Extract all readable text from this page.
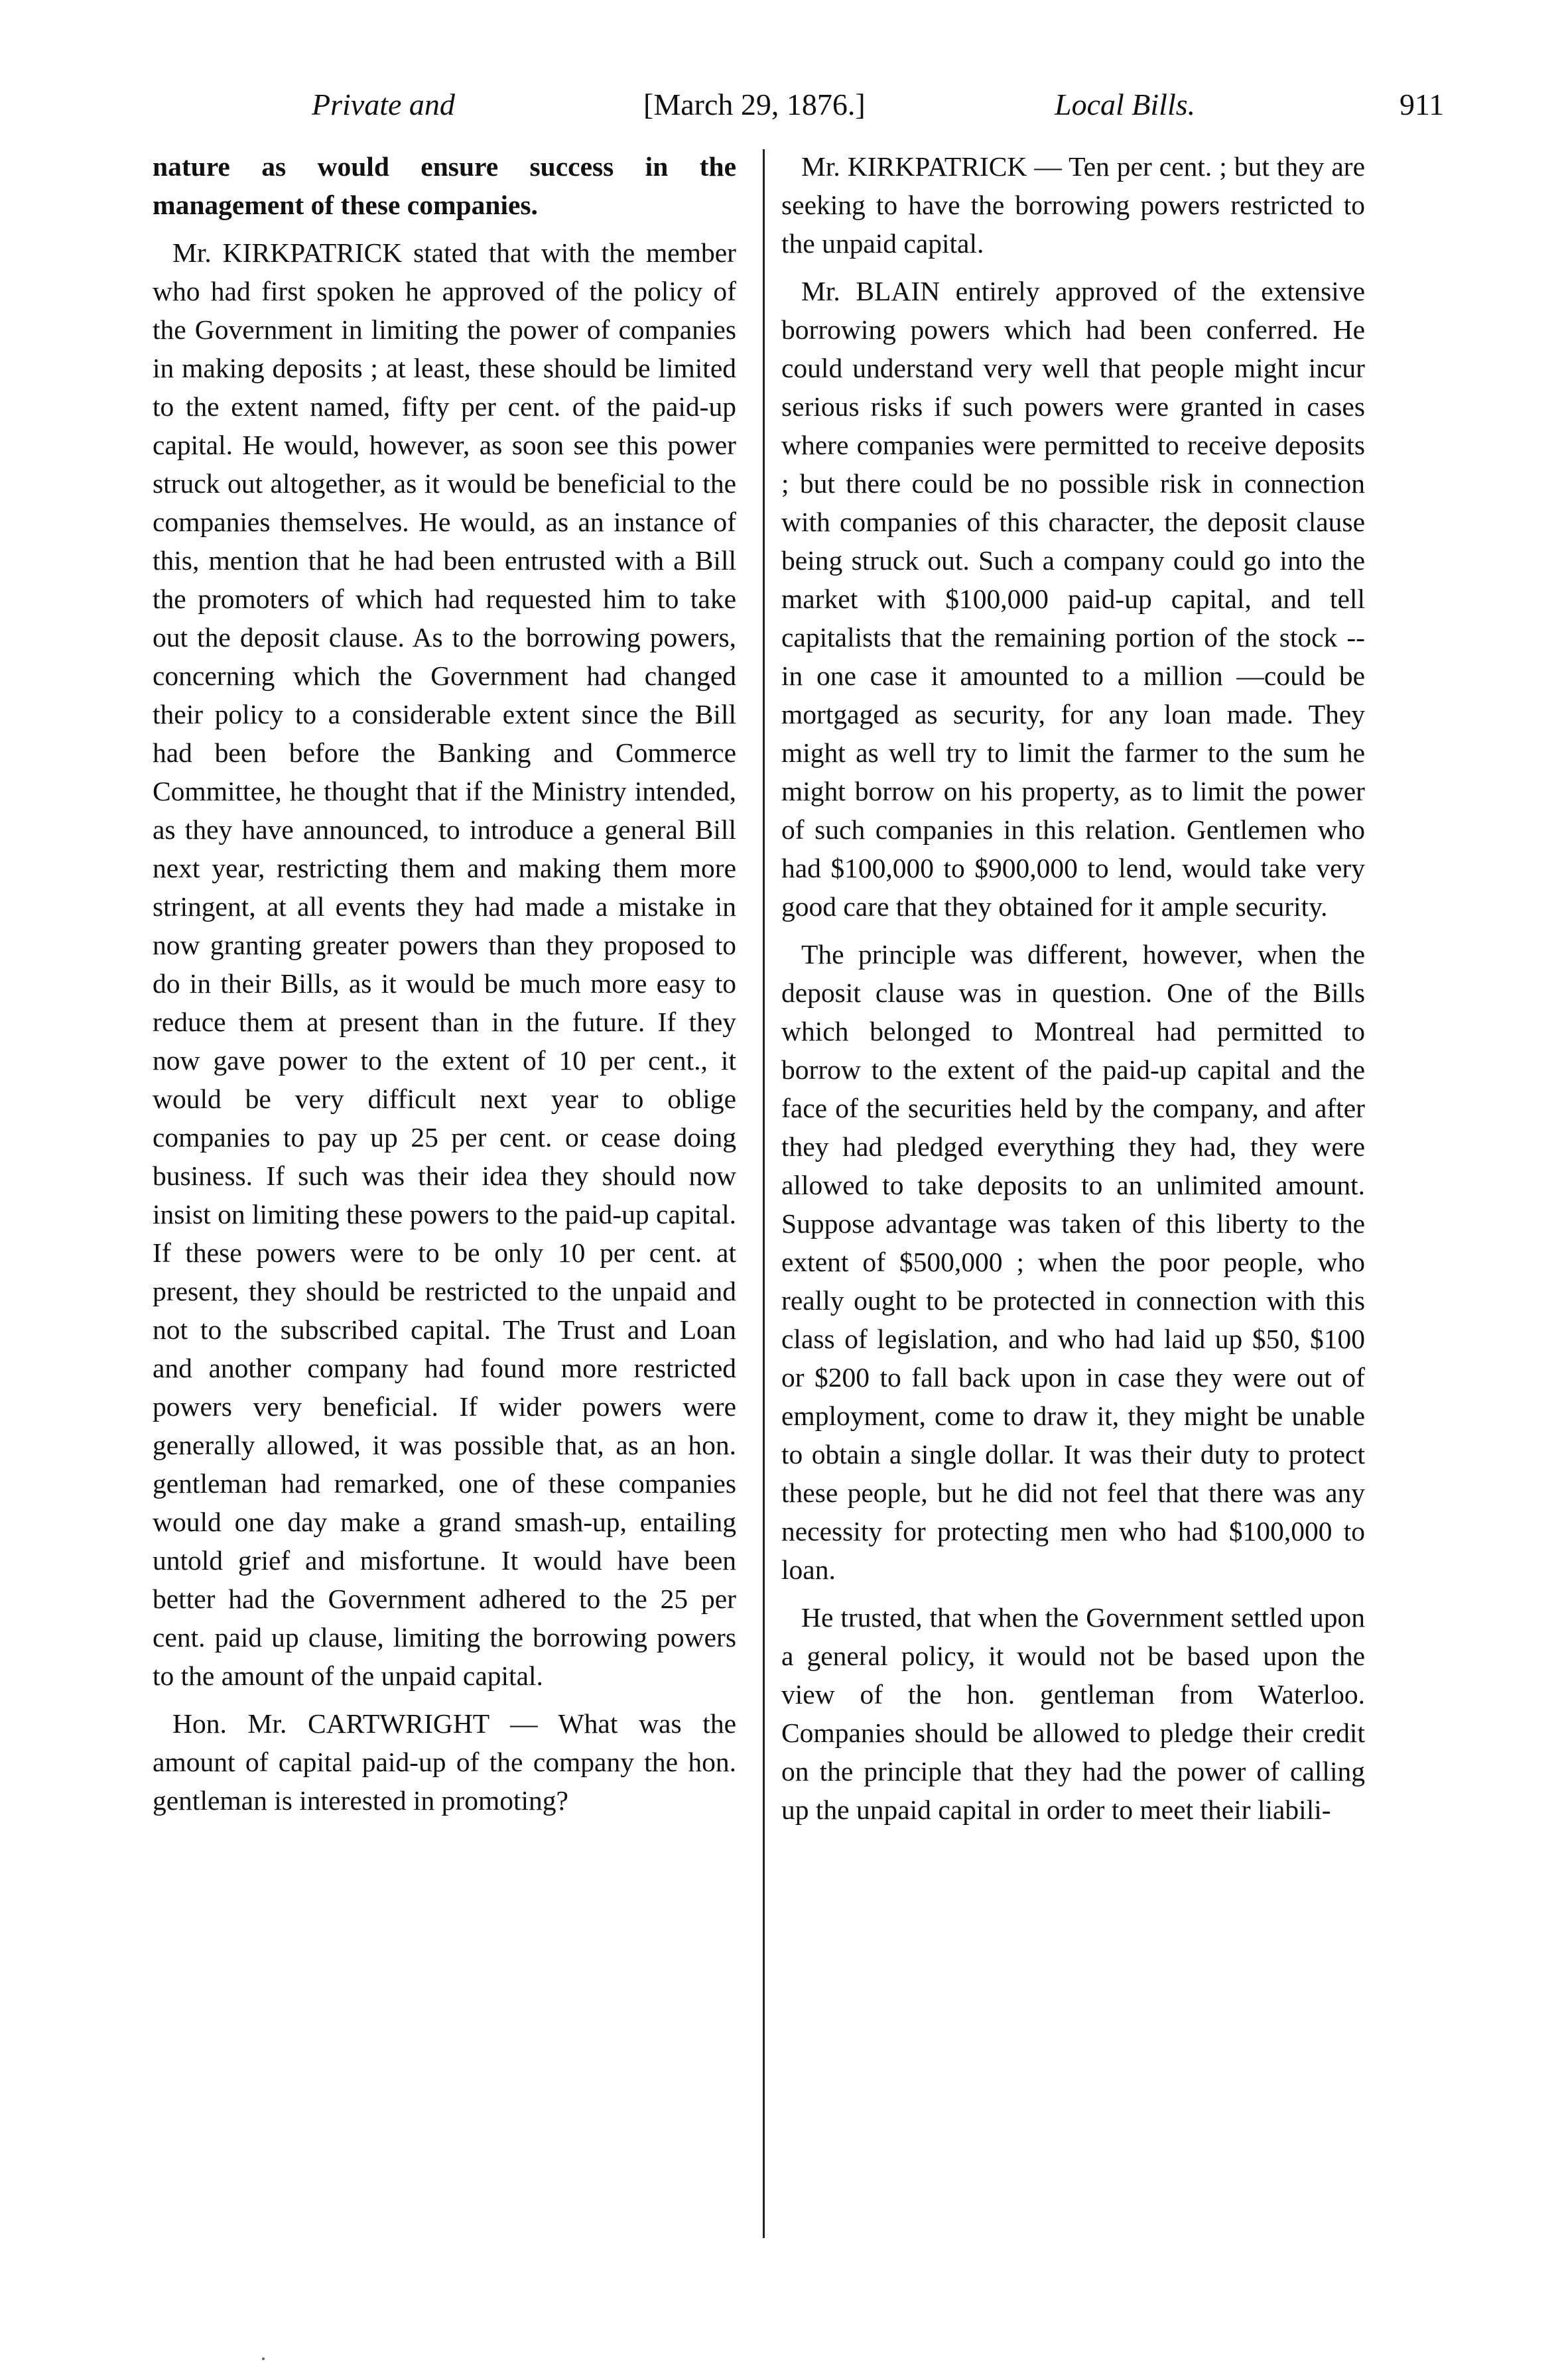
Private and	[March 29, 1876.]	Local Bills.	911

nature as would ensure success in the management of these companies.

Mr. KIRKPATRICK stated that with the member who had first spoken he approved of the policy of the Government in limiting the power of companies in making deposits ; at least, these should be limited to the extent named, fifty per cent. of the paid-up capital. He would, however, as soon see this power struck out altogether, as it would be beneficial to the companies themselves. He would, as an instance of this, mention that he had been entrusted with a Bill the promoters of which had requested him to take out the deposit clause. As to the borrowing powers, concerning which the Government had changed their policy to a considerable extent since the Bill had been before the Banking and Commerce Committee, he thought that if the Ministry intended, as they have announced, to introduce a general Bill next year, restricting them and making them more stringent, at all events they had made a mistake in now granting greater powers than they proposed to do in their Bills, as it would be much more easy to reduce them at present than in the future. If they now gave power to the extent of 10 per cent., it would be very difficult next year to oblige companies to pay up 25 per cent. or cease doing business. If such was their idea they should now insist on limiting these powers to the paid-up capital. If these powers were to be only 10 per cent. at present, they should be restricted to the unpaid and not to the subscribed capital. The Trust and Loan and another company had found more restricted powers very beneficial. If wider powers were generally allowed, it was possible that, as an hon. gentleman had remarked, one of these companies would one day make a grand smash-up, entailing untold grief and misfortune. It would have been better had the Government adhered to the 25 per cent. paid up clause, limiting the borrowing powers to the amount of the unpaid capital.

Hon. Mr. CARTWRIGHT — What was the amount of capital paid-up of the company the hon. gentleman is interested in promoting?

Mr. KIRKPATRICK — Ten per cent. ; but they are seeking to have the borrowing powers restricted to the unpaid capital.

Mr. BLAIN entirely approved of the extensive borrowing powers which had been conferred. He could understand very well that people might incur serious risks if such powers were granted in cases where companies were permitted to receive deposits ; but there could be no possible risk in connection with companies of this character, the deposit clause being struck out. Such a company could go into the market with $100,000 paid-up capital, and tell capitalists that the remaining portion of the stock --in one case it amounted to a million —could be mortgaged as security, for any loan made. They might as well try to limit the farmer to the sum he might borrow on his property, as to limit the power of such companies in this relation. Gentlemen who had $100,000 to $900,000 to lend, would take very good care that they obtained for it ample security.

The principle was different, however, when the deposit clause was in question. One of the Bills which belonged to Montreal had permitted to borrow to the extent of the paid-up capital and the face of the securities held by the company, and after they had pledged everything they had, they were allowed to take deposits to an unlimited amount. Suppose advantage was taken of this liberty to the extent of $500,000 ; when the poor people, who really ought to be protected in connection with this class of legislation, and who had laid up $50, $100 or $200 to fall back upon in case they were out of employment, come to draw it, they might be unable to obtain a single dollar. It was their duty to protect these people, but he did not feel that there was any necessity for protecting men who had $100,000 to loan.

He trusted, that when the Government settled upon a general policy, it would not be based upon the view of the hon. gentleman from Waterloo. Companies should be allowed to pledge their credit on the principle that they had the power of calling up the unpaid capital in order to meet their liabili-
